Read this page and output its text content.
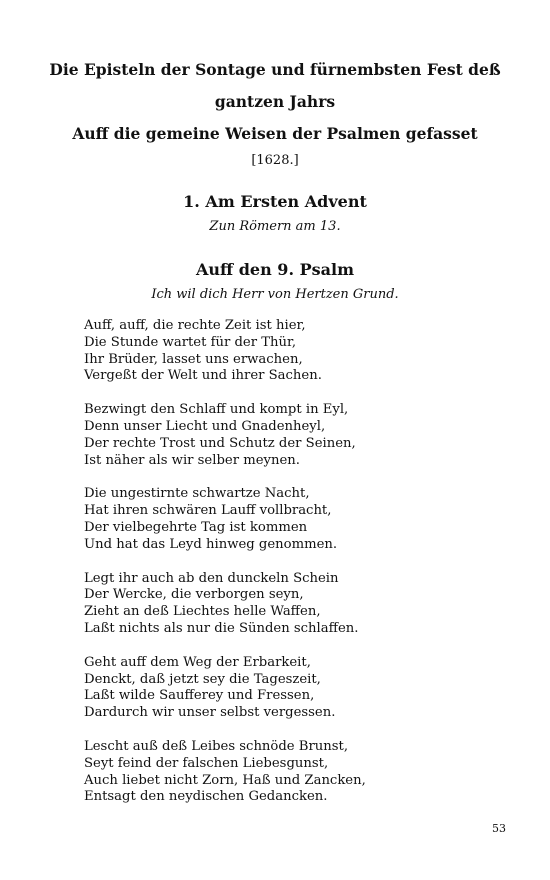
Die Episteln der Sontage und fürnembsten Fest deß
gantzen Jahrs
Auff die gemeine Weisen der Psalmen gefasset
[1628.]
1. Am Ersten Advent
Zun Römern am 13.
Auff den 9. Psalm
Ich wil dich Herr von Hertzen Grund.
Auff, auff, die rechte Zeit ist hier,
Die Stunde wartet für der Thür,
Ihr Brüder, lasset uns erwachen,
Vergeßt der Welt und ihrer Sachen.
Bezwingt den Schlaff und kompt in Eyl,
Denn unser Liecht und Gnadenheyl,
Der rechte Trost und Schutz der Seinen,
Ist näher als wir selber meynen.
Die ungestirnte schwartze Nacht,
Hat ihren schwären Lauff vollbracht,
Der vielbegehrte Tag ist kommen
Und hat das Leyd hinweg genommen.
Legt ihr auch ab den dunckeln Schein
Der Wercke, die verborgen seyn,
Zieht an deß Liechtes helle Waffen,
Laßt nichts als nur die Sünden schlaffen.
Geht auff dem Weg der Erbarkeit,
Denckt, daß jetzt sey die Tageszeit,
Laßt wilde Saufferey und Fressen,
Dardurch wir unser selbst vergessen.
Lescht auß deß Leibes schnöde Brunst,
Seyt feind der falschen Liebesgunst,
Auch liebet nicht Zorn, Haß und Zancken,
Entsagt den neydischen Gedancken.
53
